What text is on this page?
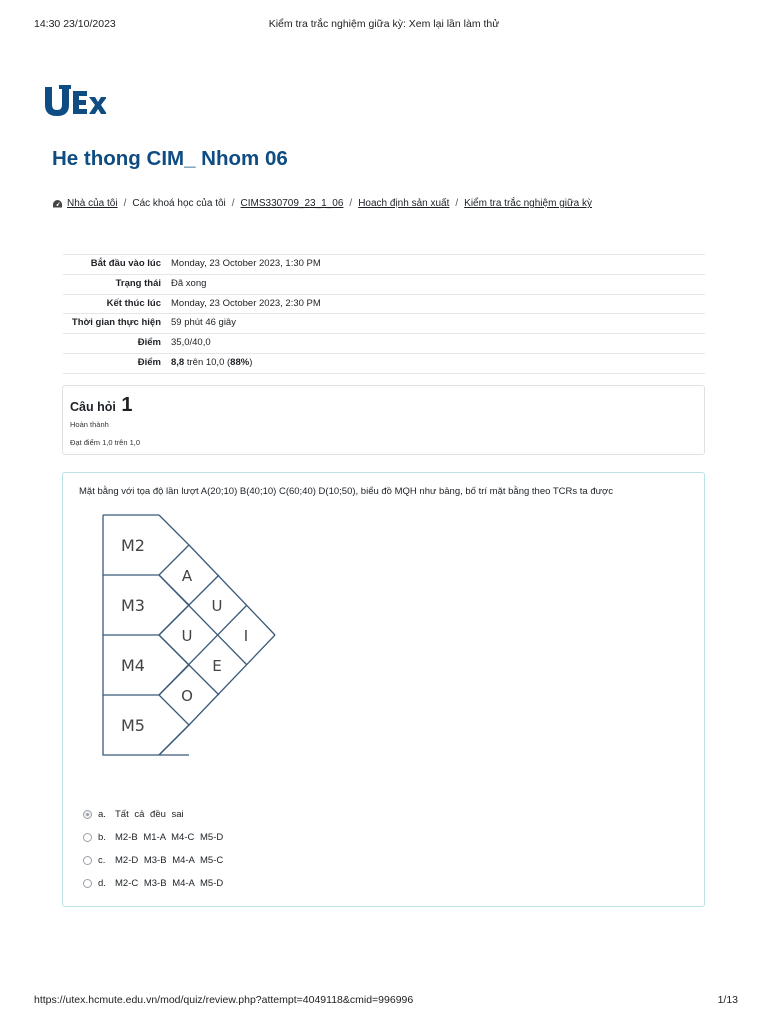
14:30 23/10/2023	Kiểm tra trắc nghiệm giữa kỳ: Xem lại lần làm thử
He thong CIM_ Nhom 06
Nhà của tôi / Các khoá học của tôi / CIMS330709_23_1_06 / Hoach định sản xuất / Kiểm tra trắc nghiệm giữa kỳ
Bắt đầu vào lúc	Monday, 23 October 2023, 1:30 PM
Trạng thái	Đã xong
Kết thúc lúc	Monday, 23 October 2023, 2:30 PM
Thời gian thực hiện	59 phút 46 giây
Điểm	35,0/40,0
Điểm	8,8 trên 10,0 (88%)
Câu hỏi 1
Hoàn thành
Đạt điểm 1,0 trên 1,0
Mặt bằng với tọa độ lần lượt A(20;10) B(40;10) C(60;40) D(10;50), biểu đồ MQH như bảng, bố trí mặt bằng theo TCRs ta được
M2
M3
M4
M5
A
U
U	I
E
O
a. Tất cả đều sai
b. M2-B M1-A M4-C M5-D
c.	M2-D M3-B M4-A M5-C
d. M2-C M3-B M4-A M5-D
https://utex.hcmute.edu.vn/mod/quiz/review.php?attempt=4049118&cmid=996996	1/13
